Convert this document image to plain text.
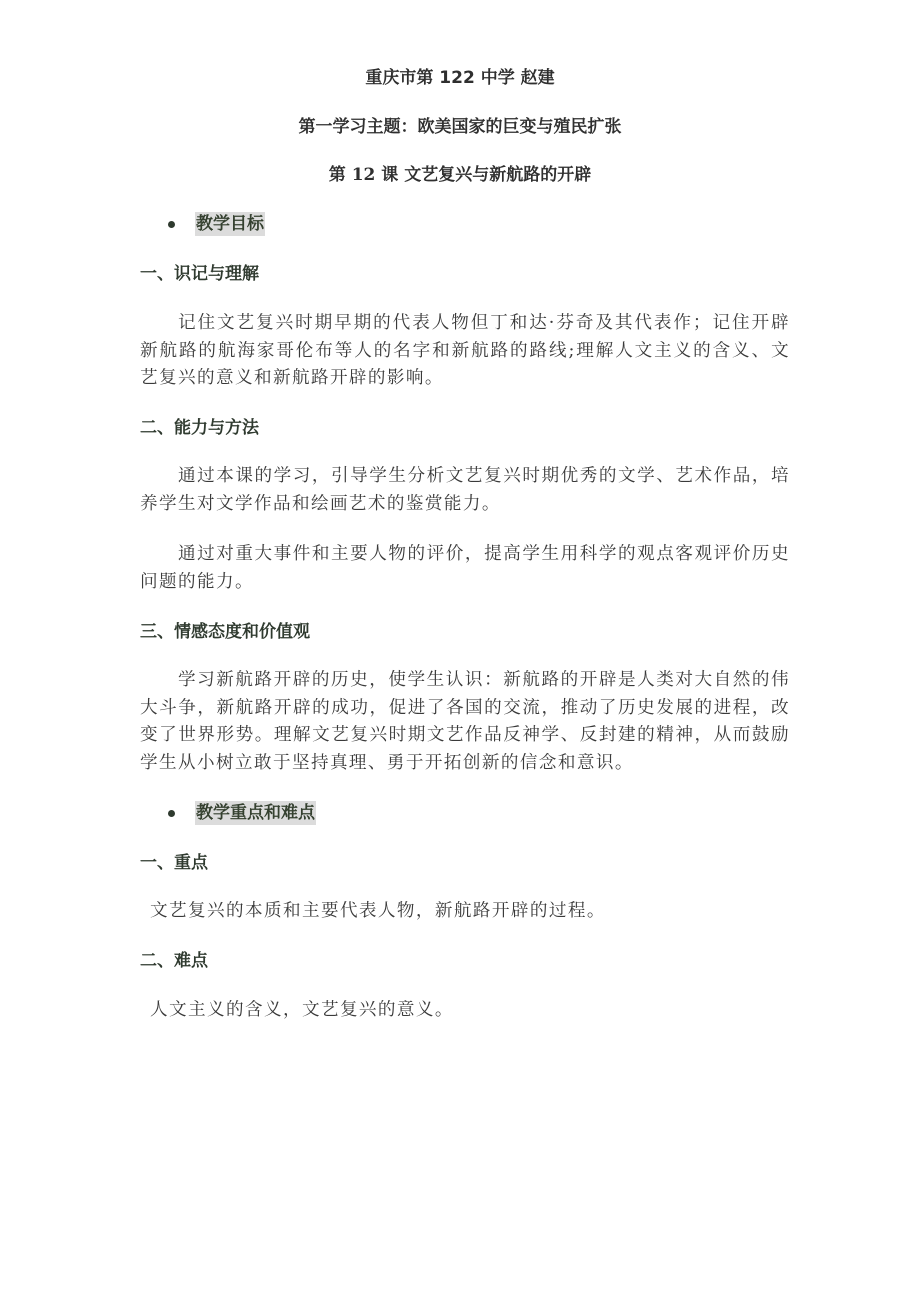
重庆市第 122 中学 赵建
第一学习主题：欧美国家的巨变与殖民扩张
第 12 课 文艺复兴与新航路的开辟
教学目标
一、识记与理解

记住文艺复兴时期早期的代表人物但丁和达·芬奇及其代表作；记住开辟新航路的航海家哥伦布等人的名字和新航路的路线;理解人文主义的含义、文艺复兴的意义和新航路开辟的影响。

二、能力与方法

通过本课的学习，引导学生分析文艺复兴时期优秀的文学、艺术作品，培养学生对文学作品和绘画艺术的鉴赏能力。

通过对重大事件和主要人物的评价，提高学生用科学的观点客观评价历史问题的能力。

三、情感态度和价值观

学习新航路开辟的历史，使学生认识：新航路的开辟是人类对大自然的伟大斗争，新航路开辟的成功，促进了各国的交流，推动了历史发展的进程，改变了世界形势。理解文艺复兴时期文艺作品反神学、反封建的精神，从而鼓励学生从小树立敢于坚持真理、勇于开拓创新的信念和意识。

教学重点和难点
一、重点

文艺复兴的本质和主要代表人物，新航路开辟的过程。

二、难点

人文主义的含义，文艺复兴的意义。
